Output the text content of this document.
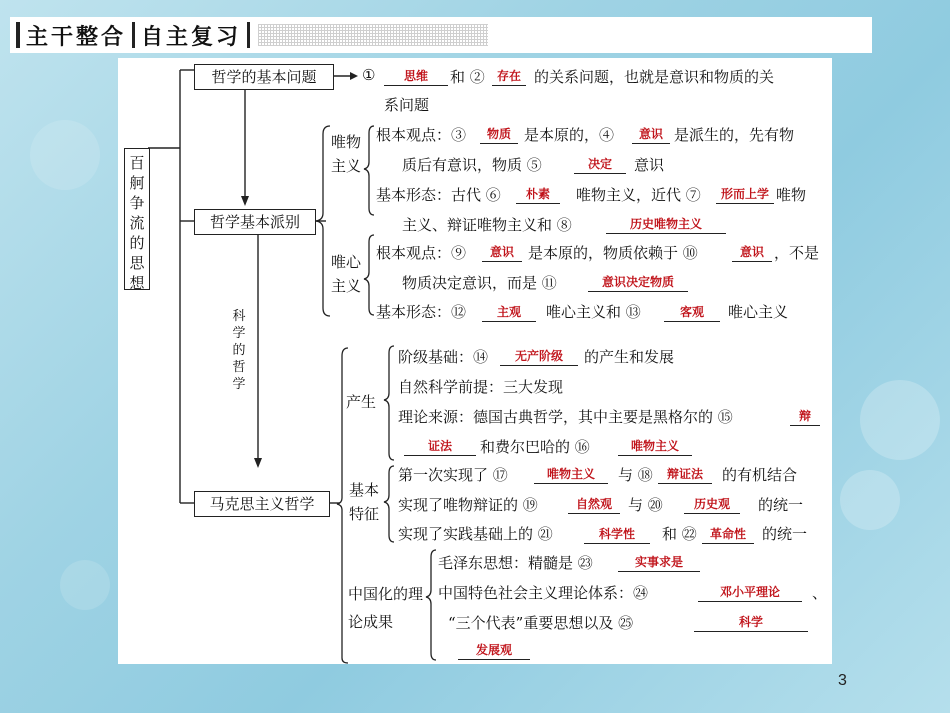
主干整合 自主复习
百舸争流的思想
哲学的基本问题
哲学基本派别
马克思主义哲学
科学的哲学
①	思维	和 ②	存在 的关系问题，也就是意识和物质的关
系问题
唯物主义
根本观点：③	物质 是本原的，④	意识 是派生的，先有物
质后有意识，物质 ⑤	决定	意识
基本形态：古代 ⑥	朴素	唯物主义，近代 ⑦	形而上学 唯物
主义、辩证唯物主义和 ⑧	历史唯物主义
唯心主义
根本观点：⑨	意识 是本原的，物质依赖于 ⑩	意识 ，不是
物质决定意识，而是 ⑪	意识决定物质
基本形态：⑫	主观	唯心主义和 ⑬	客观	唯心主义
产生
阶级基础：⑭	无产阶级	的产生和发展
自然科学前提：三大发现
理论来源：德国古典哲学，其中主要是黑格尔的 ⑮	辩
证法	和费尔巴哈的 ⑯	唯物主义
基本特征
第一次实现了 ⑰	唯物主义	与 ⑱	辩证法	的有机结合
实现了唯物辩证的 ⑲	自然观	与 ⑳	历史观	的统一
实现了实践基础上的 ㉑	科学性	和 ㉒	革命性	的统一
中国化的理论成果
毛泽东思想：精髓是 ㉓	实事求是
中国特色社会主义理论体系：㉔	邓小平理论	、
“三个代表”重要思想以及 ㉕	科学
发展观
3
